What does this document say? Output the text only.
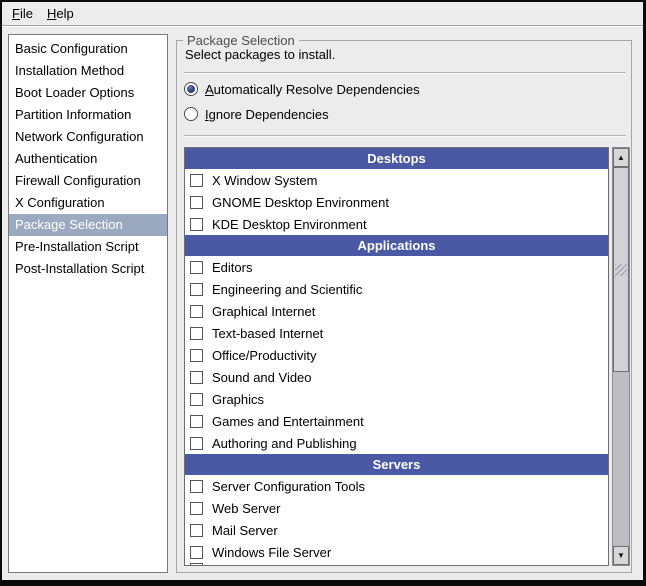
File Help
Basic Configuration
Installation Method
Boot Loader Options
Partition Information
Network Configuration
Authentication
Firewall Configuration
X Configuration
Package Selection
Pre-Installation Script
Post-Installation Script
Package Selection
Select packages to install.
Automatically Resolve Dependencies
Ignore Dependencies
Desktops
X Window System
GNOME Desktop Environment
KDE Desktop Environment
Applications
Editors
Engineering and Scientific
Graphical Internet
Text-based Internet
Office/Productivity
Sound and Video
Graphics
Games and Entertainment
Authoring and Publishing
Servers
Server Configuration Tools
Web Server
Mail Server
Windows File Server
▲
▼
